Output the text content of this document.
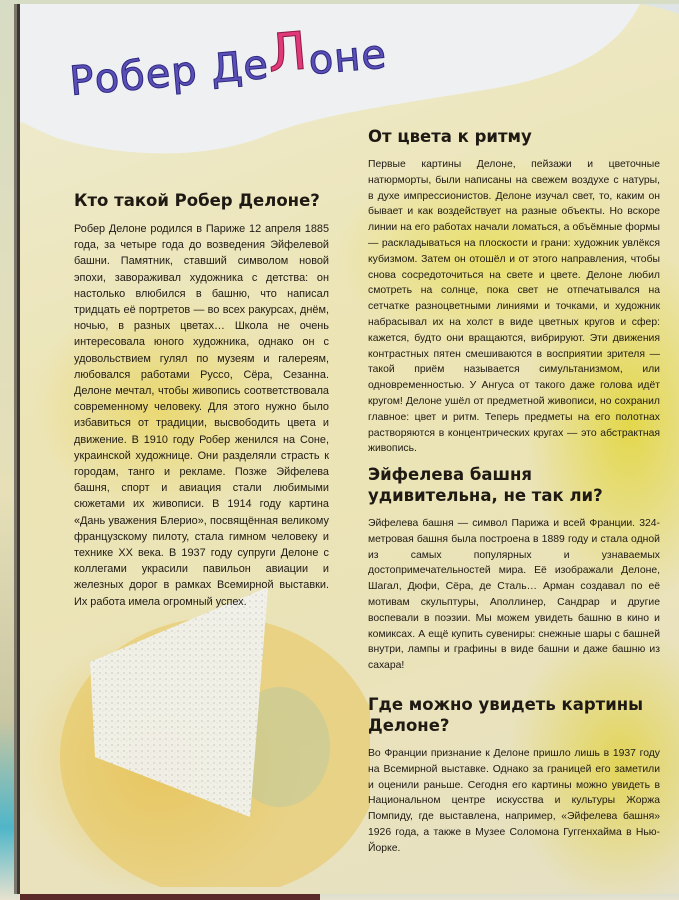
Робер ДеЛоне
Кто такой Робер Делоне?

Робер Делоне родился в Париже 12 апреля 1885 года, за четыре года до возведения Эйфелевой башни. Памятник, ставший символом новой эпохи, завораживал художника с детства: он настолько влюбился в башню, что написал тридцать её портретов — во всех ракурсах, днём, ночью, в разных цветах… Школа не очень интересовала юного художника, однако он с удовольствием гулял по музеям и галереям, любовался работами Руссо, Сёра, Сезанна. Делоне мечтал, чтобы живопись соответствовала современному человеку. Для этого нужно было избавиться от традиции, высвободить цвета и движение. В 1910 году Робер женился на Соне, украинской художнице. Они разделяли страсть к городам, танго и рекламе. Позже Эйфелева башня, спорт и авиация стали любимыми сюжетами их живописи. В 1914 году картина «Дань уважения Блерио», посвящённая великому французскому пилоту, стала гимном человеку и технике XX века. В 1937 году супруги Делоне с коллегами украсили павильон авиации и железных дорог в рамках Всемирной выставки. Их работа имела огромный успех.

От цвета к ритму

Первые картины Делоне, пейзажи и цветочные натюрморты, были написаны на свежем воздухе с натуры, в духе импрессионистов. Делоне изучал свет, то, каким он бывает и как воздействует на разные объекты. Но вскоре линии на его работах начали ломаться, а объёмные формы — раскладываться на плоскости и грани: художник увлёкся кубизмом. Затем он отошёл и от этого направления, чтобы снова сосредоточиться на свете и цвете. Делоне любил смотреть на солнце, пока свет не отпечатывался на сетчатке разноцветными линиями и точками, и художник набрасывал их на холст в виде цветных кругов и сфер: кажется, будто они вращаются, вибрируют. Эти движения контрастных пятен смешиваются в восприятии зрителя — такой приём называется симультанизмом, или одновременностью. У Ангуса от такого даже голова идёт кругом! Делоне ушёл от предметной живописи, но сохранил главное: цвет и ритм. Теперь предметы на его полотнах растворяются в концентрических кругах — это абстрактная живопись.

Эйфелева башня удивительна, не так ли?

Эйфелева башня — символ Парижа и всей Франции. 324-метровая башня была построена в 1889 году и стала одной из самых популярных и узнаваемых достопримечательностей мира. Её изображали Делоне, Шагал, Дюфи, Сёра, де Сталь… Арман создавал по её мотивам скульптуры, Аполлинер, Сандрар и другие воспевали в поэзии. Мы можем увидеть башню в кино и комиксах. А ещё купить сувениры: снежные шары с башней внутри, лампы и графины в виде башни и даже башню из сахара!

Где можно увидеть картины Делоне?

Во Франции признание к Делоне пришло лишь в 1937 году на Всемирной выставке. Однако за границей его заметили и оценили раньше. Сегодня его картины можно увидеть в Национальном центре искусства и культуры Жоржа Помпиду, где выставлена, например, «Эйфелева башня» 1926 года, а также в Музее Соломона Гуггенхайма в Нью-Йорке.
